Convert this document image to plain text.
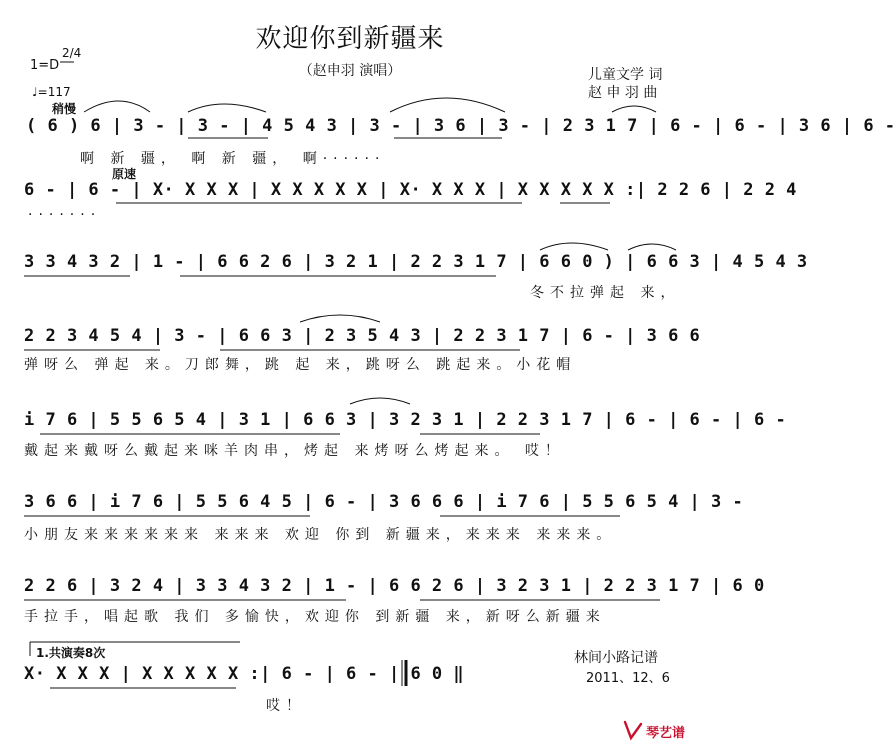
欢迎你到新疆来
（赵申羽 演唱）	儿童文学 词
赵 申 羽 曲
1=D
2/4
♩=117
稍慢
( 6 ) 6 | 3 - | 3 - | 4 5 4 3 | 3 - | 3 6 | 3 - | 2 3 1 7 | 6 - | 6 - | 3 6 | 6 -
啊 新 疆， 啊 新 疆， 啊······
原速
6 - | 6 - | X· X X X | X X X X X | X· X X X | X X X X X :| 2 2 6 | 2 2 4
·······
3 3 4 3 2 | 1 - | 6 6 2 6 | 3 2 1 | 2 2 3 1 7 | 6 6 0 ) | 6 6 3 | 4 5 4 3
冬不拉弹起 来，
2 2 3 4 5 4 | 3 - | 6 6 3 | 2 3 5 4 3 | 2 2 3 1 7 | 6 - | 3 6 6
弹呀么 弹起 来。刀郎舞，跳 起 来，跳呀么 跳起来。小花帽
i 7 6 | 5 5 6 5 4 | 3 1 | 6 6 3 | 3 2 3 1 | 2 2 3 1 7 | 6 - | 6 - | 6 -
戴起来戴呀么戴起来咪羊肉串，烤起 来烤呀么烤起来。 哎！
3 6 6 | i 7 6 | 5 5 6 4 5 | 6 - | 3 6 6 6 | i 7 6 | 5 5 6 5 4 | 3 -
小朋友来来来来来来 来来来 欢迎 你到 新疆来，来来来 来来来。
2 2 6 | 3 2 4 | 3 3 4 3 2 | 1 - | 6 6 2 6 | 3 2 3 1 | 2 2 3 1 7 | 6 0
手拉手，唱起歌 我们 多愉快，欢迎你 到新疆 来，新呀么新疆来
1.共演奏8次
X· X X X | X X X X X :| 6 - | 6 - | 6 0 ‖
哎！
林间小路记谱
2011、12、6
琴艺谱
